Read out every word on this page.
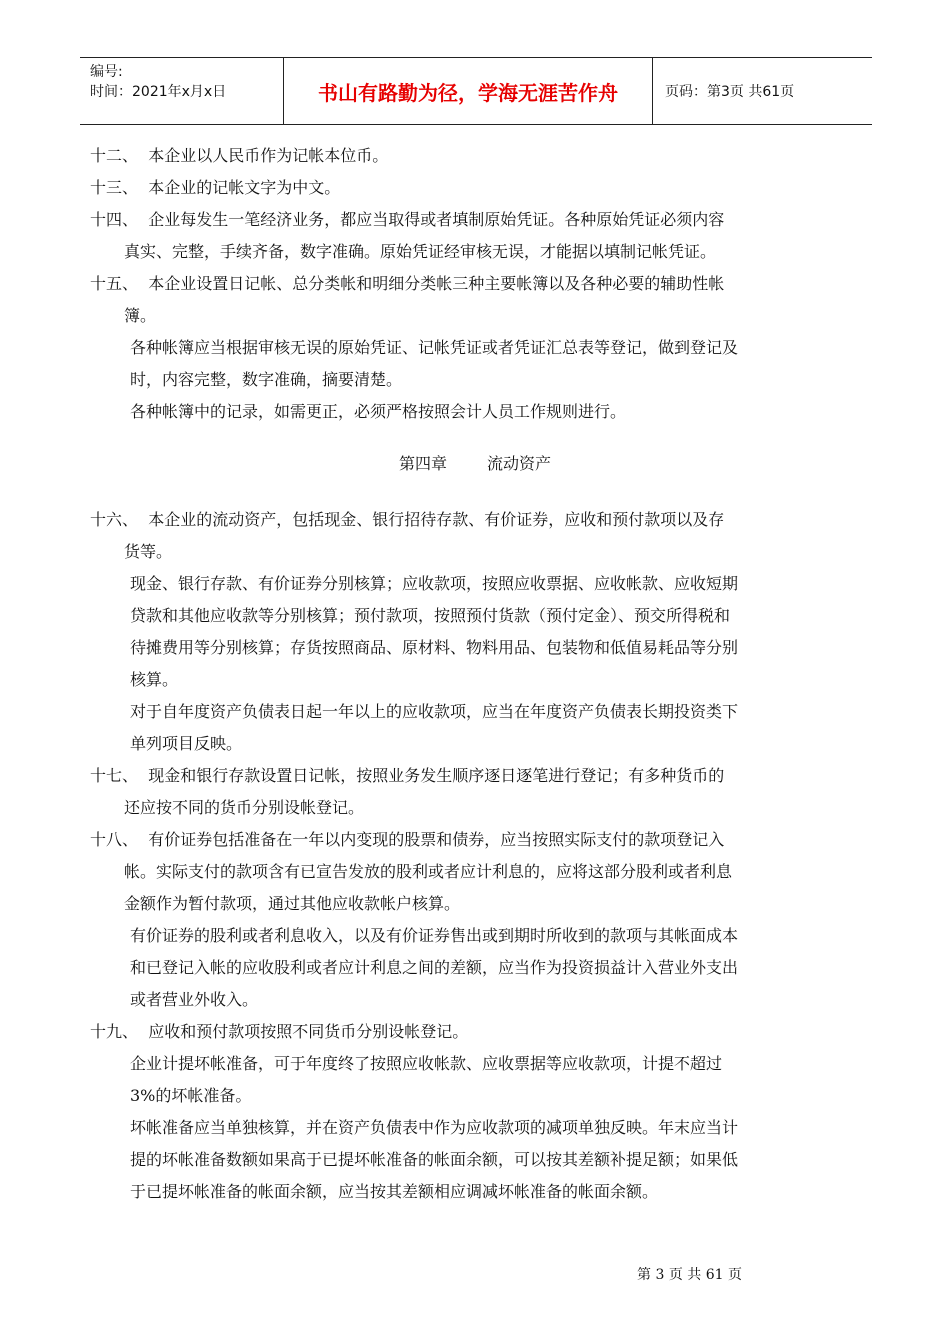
编号:
时间：2021年x月x日	书山有路勤为径，学海无涯苦作舟	页码：第3页 共61页
十二、 本企业以人民币作为记帐本位币。
十三、 本企业的记帐文字为中文。
十四、 企业每发生一笔经济业务，都应当取得或者填制原始凭证。各种原始凭证必须内容
真实、完整，手续齐备，数字准确。原始凭证经审核无误，才能据以填制记帐凭证。
十五、 本企业设置日记帐、总分类帐和明细分类帐三种主要帐簿以及各种必要的辅助性帐
簿。
各种帐簿应当根据审核无误的原始凭证、记帐凭证或者凭证汇总表等登记，做到登记及
时，内容完整，数字准确，摘要清楚。
各种帐簿中的记录，如需更正，必须严格按照会计人员工作规则进行。
第四章	流动资产
十六、 本企业的流动资产，包括现金、银行招待存款、有价证券，应收和预付款项以及存
货等。
现金、银行存款、有价证券分别核算；应收款项，按照应收票据、应收帐款、应收短期
贷款和其他应收款等分别核算；预付款项，按照预付货款（预付定金）、预交所得税和
待摊费用等分别核算；存货按照商品、原材料、物料用品、包装物和低值易耗品等分别
核算。
对于自年度资产负债表日起一年以上的应收款项，应当在年度资产负债表长期投资类下
单列项目反映。
十七、 现金和银行存款设置日记帐，按照业务发生顺序逐日逐笔进行登记；有多种货币的
还应按不同的货币分别设帐登记。
十八、 有价证券包括准备在一年以内变现的股票和债券，应当按照实际支付的款项登记入
帐。实际支付的款项含有已宣告发放的股利或者应计利息的，应将这部分股利或者利息
金额作为暂付款项，通过其他应收款帐户核算。
有价证券的股利或者利息收入，以及有价证券售出或到期时所收到的款项与其帐面成本
和已登记入帐的应收股利或者应计利息之间的差额，应当作为投资损益计入营业外支出
或者营业外收入。
十九、 应收和预付款项按照不同货币分别设帐登记。
企业计提坏帐准备，可于年度终了按照应收帐款、应收票据等应收款项，计提不超过
3%的坏帐准备。
坏帐准备应当单独核算，并在资产负债表中作为应收款项的减项单独反映。年末应当计
提的坏帐准备数额如果高于已提坏帐准备的帐面余额，可以按其差额补提足额；如果低
于已提坏帐准备的帐面余额，应当按其差额相应调减坏帐准备的帐面余额。
第 3 页 共 61 页
